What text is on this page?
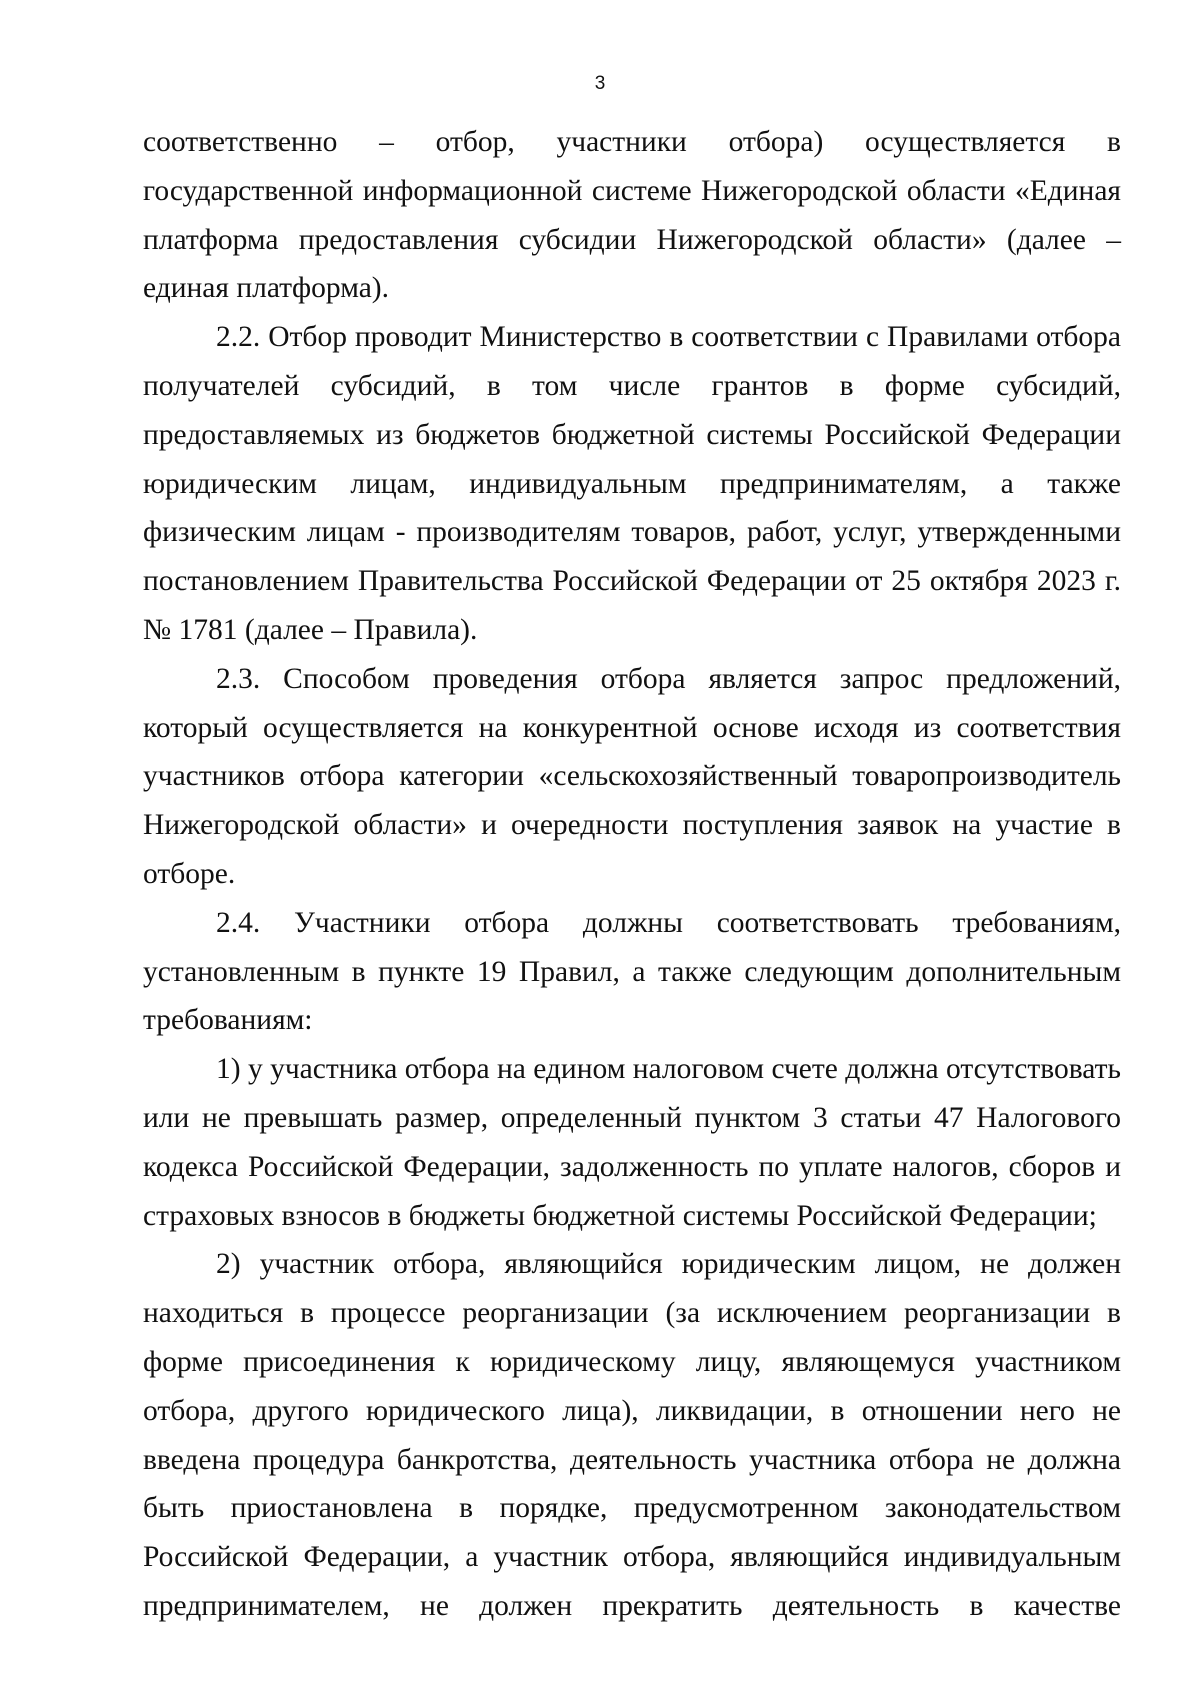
3

соответственно – отбор, участники отбора) осуществляется в государственной информационной системе Нижегородской области «Единая платформа предоставления субсидии Нижегородской области» (далее – единая платформа).

2.2. Отбор проводит Министерство в соответствии с Правилами отбора получателей субсидий, в том числе грантов в форме субсидий, предоставляемых из бюджетов бюджетной системы Российской Федерации юридическим лицам, индивидуальным предпринимателям, а также физическим лицам - производителям товаров, работ, услуг, утвержденными постановлением Правительства Российской Федерации от 25 октября 2023 г. № 1781 (далее – Правила).

2.3. Способом проведения отбора является запрос предложений, который осуществляется на конкурентной основе исходя из соответствия участников отбора категории «сельскохозяйственный товаропроизводитель Нижегородской области» и очередности поступления заявок на участие в отборе.

2.4. Участники отбора должны соответствовать требованиям, установленным в пункте 19 Правил, а также следующим дополнительным требованиям:

1) у участника отбора на едином налоговом счете должна отсутствовать или не превышать размер, определенный пунктом 3 статьи 47 Налогового кодекса Российской Федерации, задолженность по уплате налогов, сборов и страховых взносов в бюджеты бюджетной системы Российской Федерации;

2) участник отбора, являющийся юридическим лицом, не должен находиться в процессе реорганизации (за исключением реорганизации в форме присоединения к юридическому лицу, являющемуся участником отбора, другого юридического лица), ликвидации, в отношении него не введена процедура банкротства, деятельность участника отбора не должна быть приостановлена в порядке, предусмотренном законодательством Российской Федерации, а участник отбора, являющийся индивидуальным предпринимателем, не должен прекратить деятельность в качестве
